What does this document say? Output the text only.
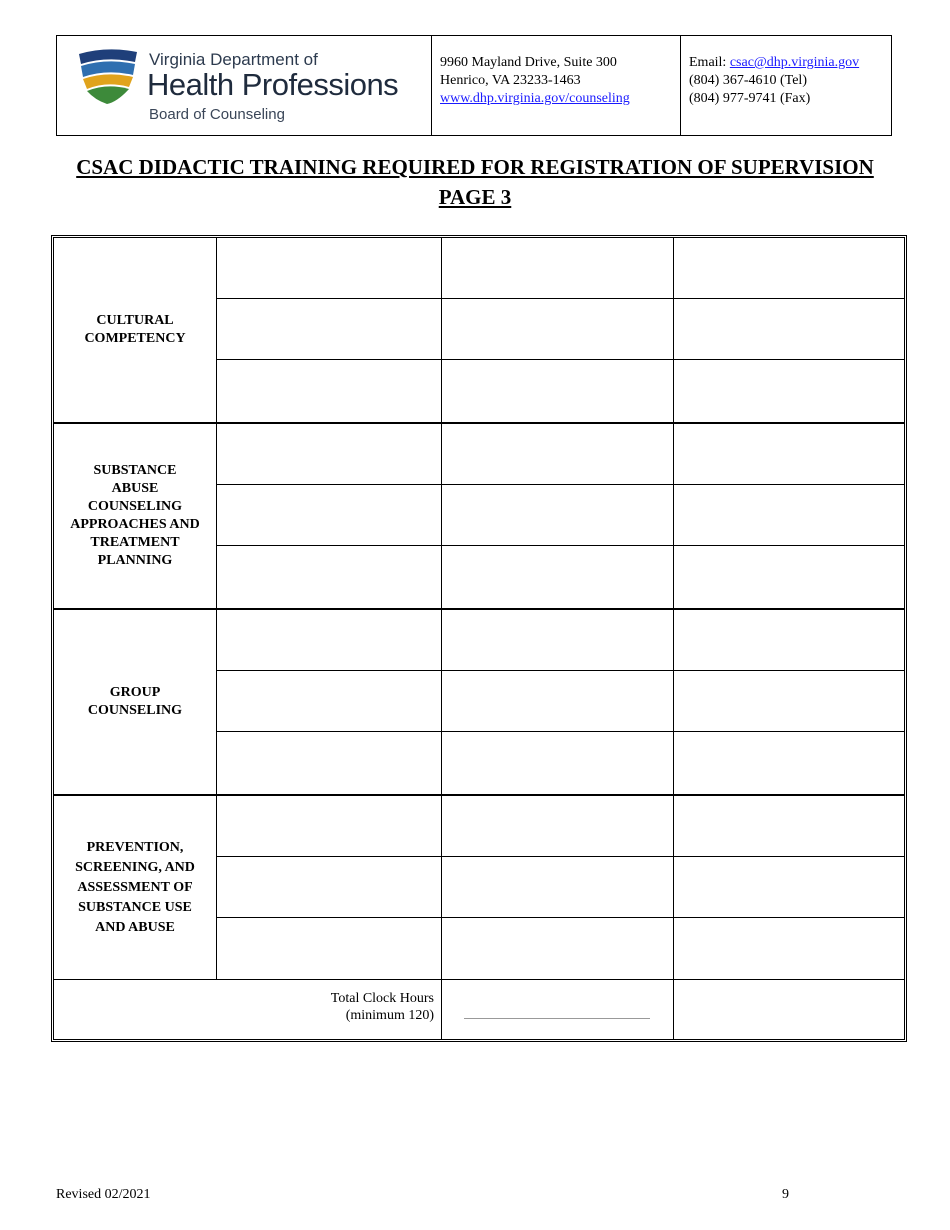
Virginia Department of
Health Professions
Board of Counseling
9960 Mayland Drive, Suite 300
Henrico, VA 23233-1463
www.dhp.virginia.gov/counseling
Email: csac@dhp.virginia.gov
(804) 367-4610 (Tel)
(804) 977-9741 (Fax)
CSAC DIDACTIC TRAINING REQUIRED FOR REGISTRATION OF SUPERVISION
PAGE 3
CULTURAL
COMPETENCY
SUBSTANCE
ABUSE
COUNSELING
APPROACHES AND
TREATMENT
PLANNING
GROUP
COUNSELING
PREVENTION,
SCREENING, AND
ASSESSMENT OF
SUBSTANCE USE
AND ABUSE
Total Clock Hours
(minimum 120)
Revised 02/2021	9
